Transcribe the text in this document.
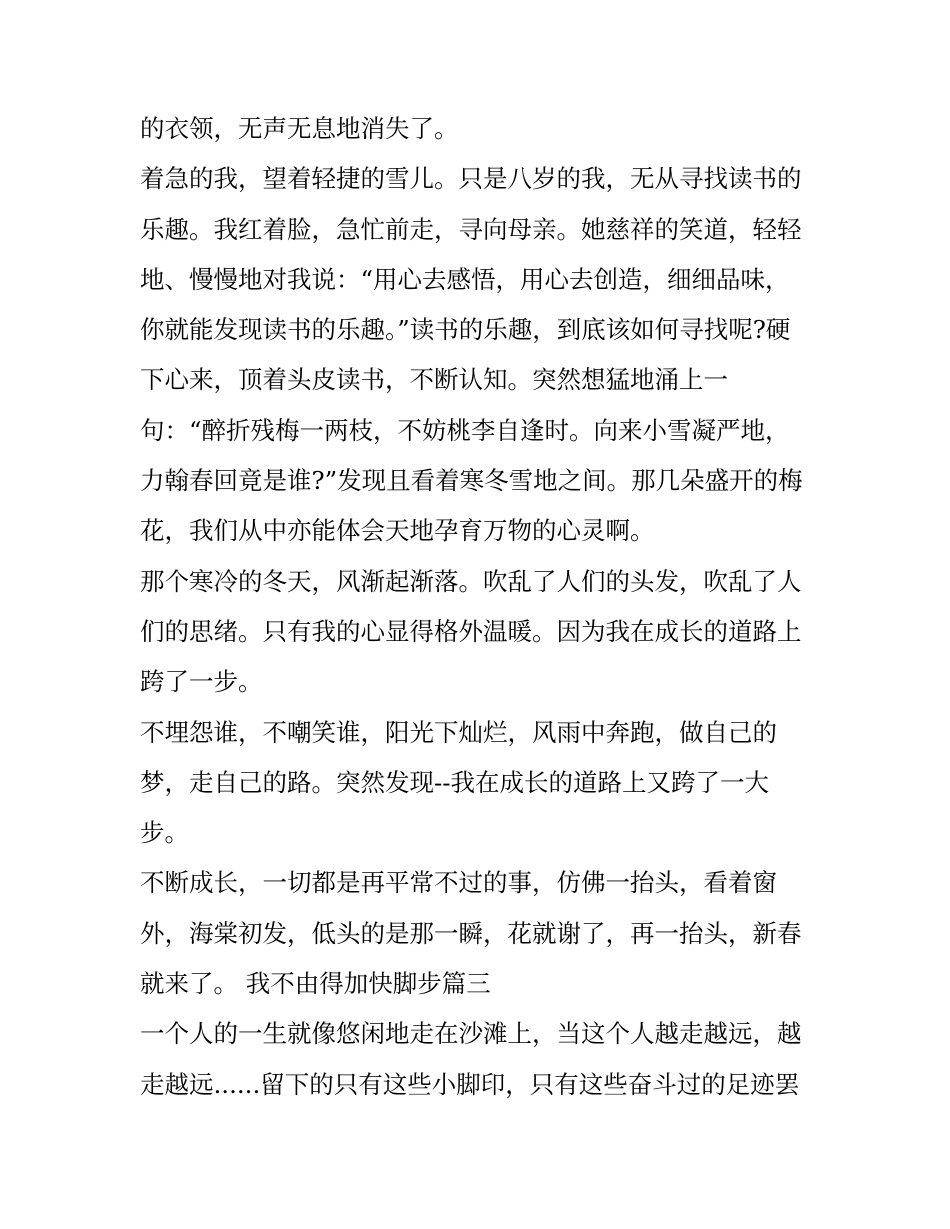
的衣领，无声无息地消失了。
着急的我，望着轻捷的雪儿。只是八岁的我，无从寻找读书的
乐趣。我红着脸，急忙前走，寻向母亲。她慈祥的笑道，轻轻
地、慢慢地对我说：“用心去感悟，用心去创造，细细品味，
你就能发现读书的乐趣。”读书的乐趣，到底该如何寻找呢?硬
下心来，顶着头皮读书，不断认知。突然想猛地涌上一
句：“醉折残梅一两枝，不妨桃李自逢时。向来小雪凝严地，
力翰春回竟是谁?”发现且看着寒冬雪地之间。那几朵盛开的梅
花，我们从中亦能体会天地孕育万物的心灵啊。
那个寒冷的冬天，风渐起渐落。吹乱了人们的头发，吹乱了人
们的思绪。只有我的心显得格外温暖。因为我在成长的道路上
跨了一步。
不埋怨谁，不嘲笑谁，阳光下灿烂，风雨中奔跑，做自己的
梦，走自己的路。突然发现--我在成长的道路上又跨了一大
步。
不断成长，一切都是再平常不过的事，仿佛一抬头，看着窗
外，海棠初发，低头的是那一瞬，花就谢了，再一抬头，新春
就来了。 我不由得加快脚步篇三
一个人的一生就像悠闲地走在沙滩上，当这个人越走越远，越
走越远......留下的只有这些小脚印，只有这些奋斗过的足迹罢
